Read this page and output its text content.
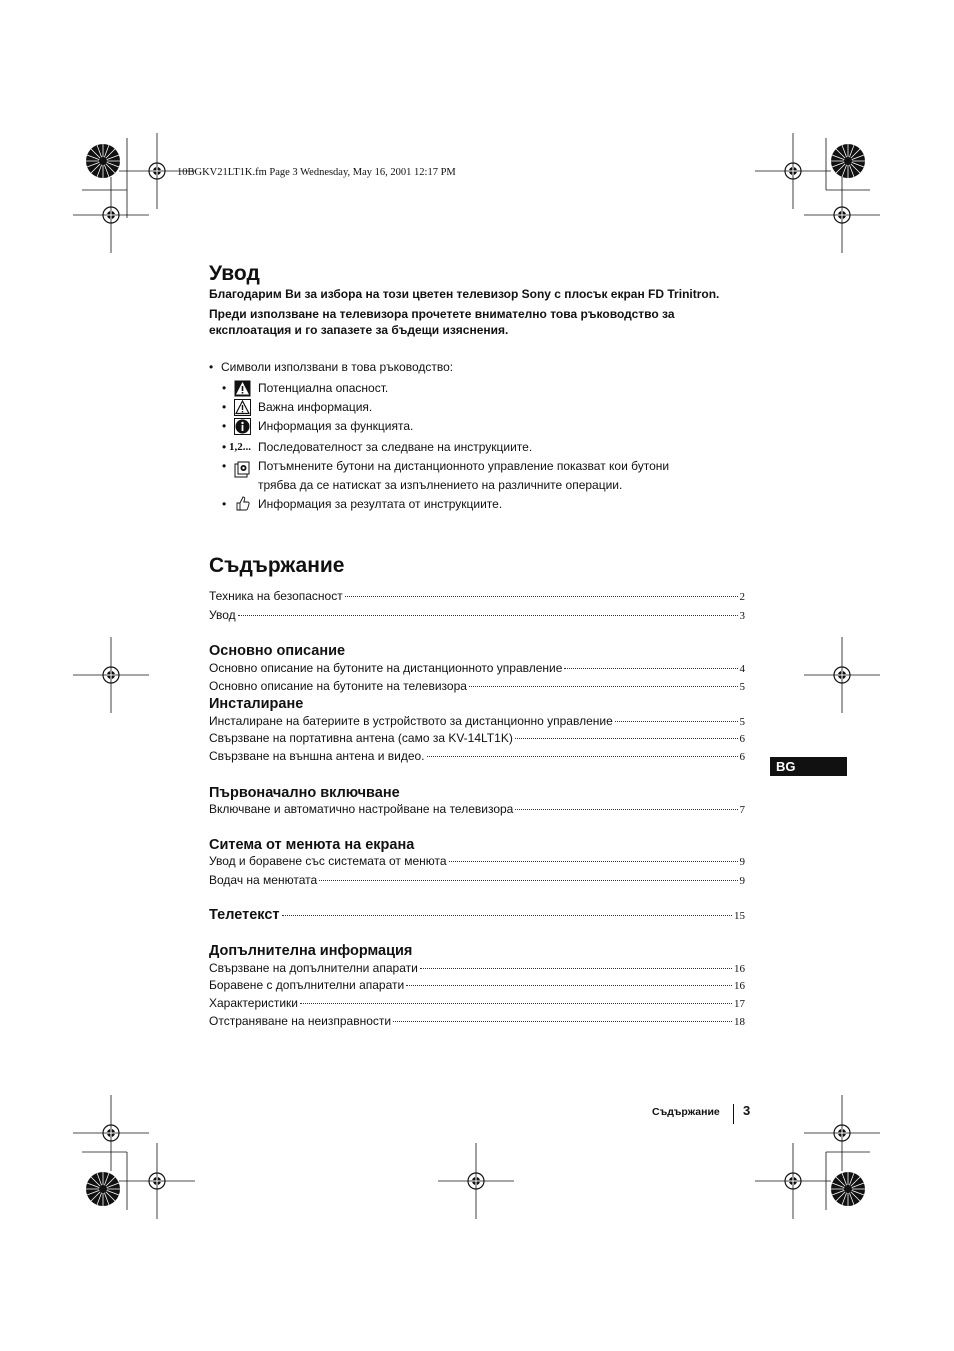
10BGKV21LT1K.fm Page 3 Wednesday, May 16, 2001 12:17 PM
Увод

Благодарим Ви за избора на този цветен телевизор Sony с плосък екран FD Trinitron.

Преди използване на телевизора прочетете внимателно това ръководство за експлоатация и го запазете за бъдещи изяснения.

• Символи използвани в това ръководство:
•	Потенциална опасност.
•	Важна информация.
•	Информация за функцията.
• 1,2... Последователност за следване на инструкциите.
•	Потъмнените бутони на дистанционното управление показват кои бутони
трябва да се натискат за изпълнението на различните операции.
•	Информация за резултата от инструкциите.
Съдържание
Техника на безопасност	2
Увод	3
Основно описание
Основно описание на бутоните на дистанционното управление	4
Основно описание на бутоните на телевизора	5
Инсталиране
Инсталиране на батериите в устройството за дистанционно управление	5
Свързване на портативна антена (само за KV-14LT1K)	6
Свързване на външна антена и видео.	6
Първоначално включване
Включване и автоматично настройване на телевизора	7
Ситема от менюта на екрана
Увод и боравене със системата от менюта	9
Водач на менютата	9
Телетекст	15
Допълнителна информация
Свързване на допълнителни апарати	16
Боравене с допълнителни апарати	16
Характеристики	17
Отстраняване на неизправности	18
BG
Съдържание 3
